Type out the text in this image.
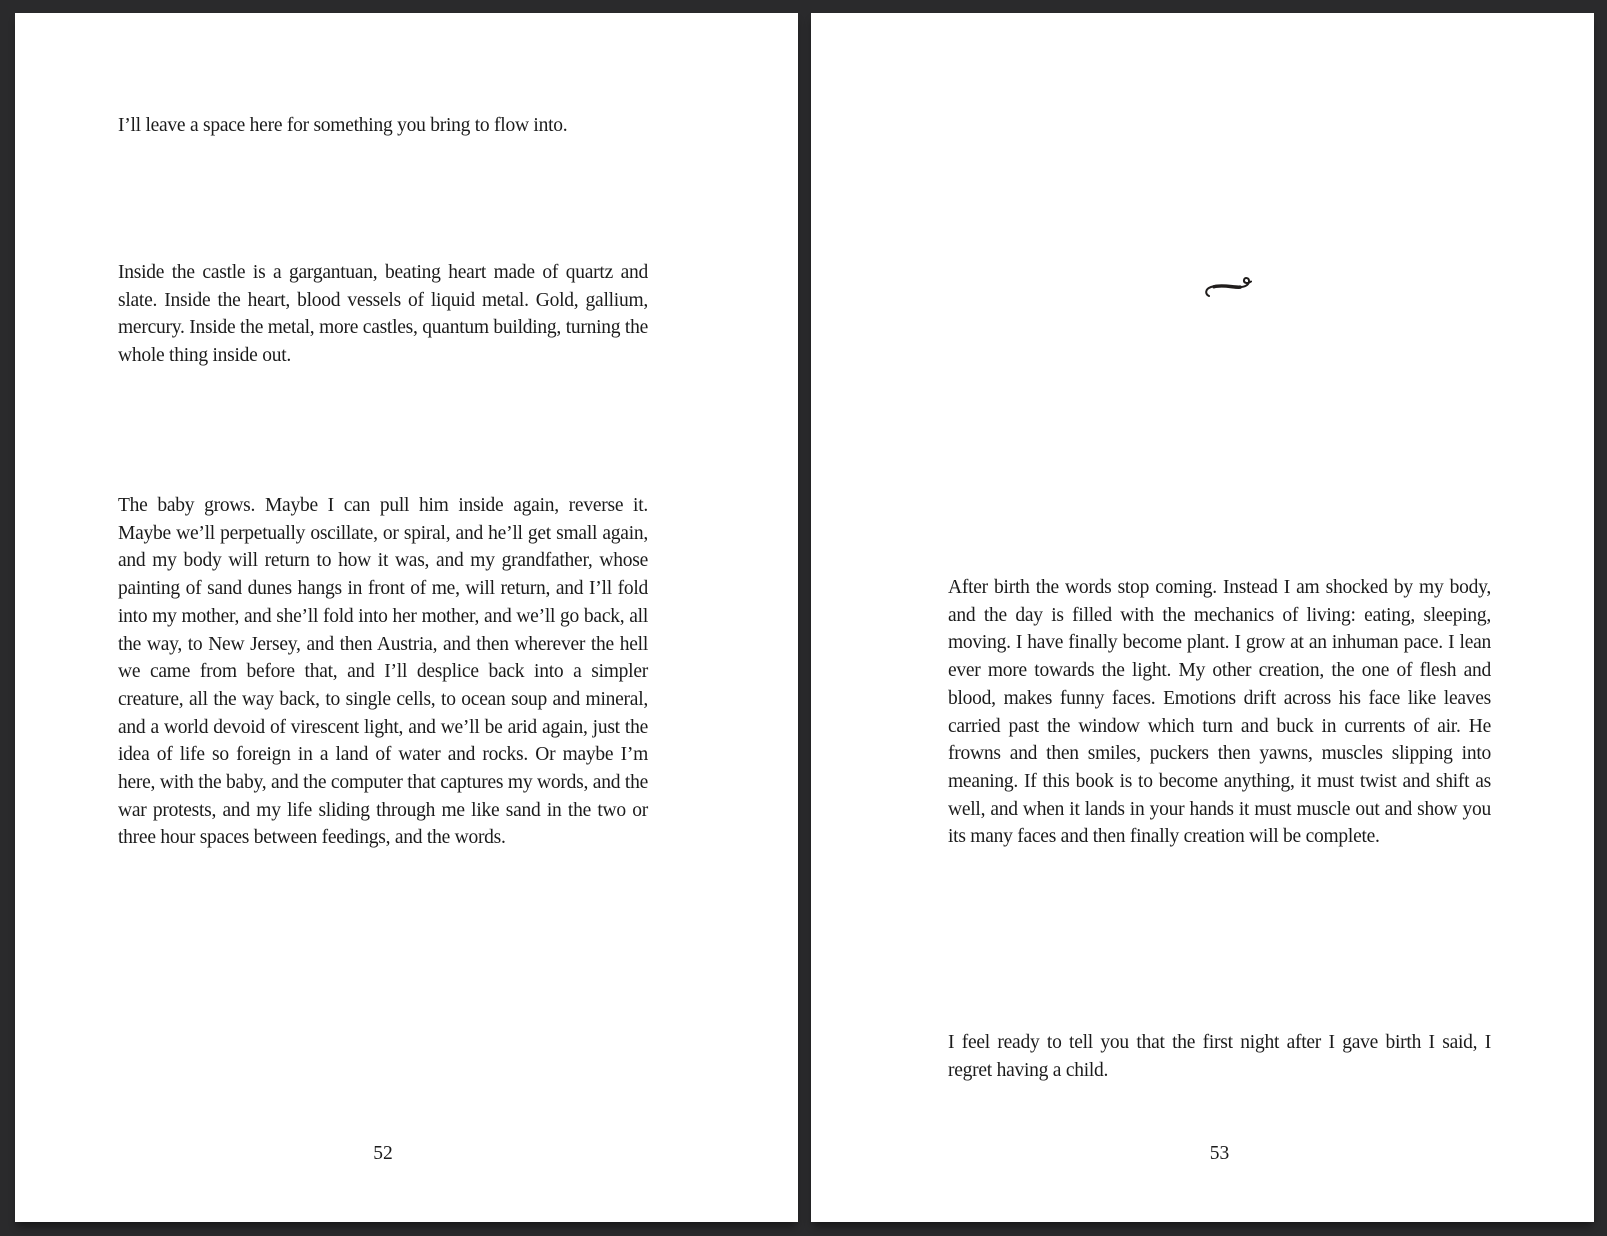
I’ll leave a space here for something you bring to flow into.

Inside the castle is a gargantuan, beating heart made of quartz and slate. Inside the heart, blood vessels of liquid metal. Gold, gallium, mercury. Inside the metal, more castles, quantum building, turning the whole thing inside out.

The baby grows. Maybe I can pull him inside again, reverse it. Maybe we’ll perpetually oscillate, or spiral, and he’ll get small again, and my body will return to how it was, and my grandfather, whose painting of sand dunes hangs in front of me, will return, and I’ll fold into my mother, and she’ll fold into her mother, and we’ll go back, all the way, to New Jersey, and then Austria, and then wherever the hell we came from before that, and I’ll desplice back into a simpler creature, all the way back, to single cells, to ocean soup and mineral, and a world devoid of virescent light, and we’ll be arid again, just the idea of life so foreign in a land of water and rocks. Or maybe I’m here, with the baby, and the computer that captures my words, and the war protests, and my life sliding through me like sand in the two or three hour spaces between feedings, and the words.

52

After birth the words stop coming. Instead I am shocked by my body, and the day is filled with the mechanics of living: eating, sleeping, moving. I have finally become plant. I grow at an inhuman pace. I lean ever more towards the light. My other creation, the one of flesh and blood, makes funny faces. Emotions drift across his face like leaves carried past the window which turn and buck in currents of air. He frowns and then smiles, puckers then yawns, muscles slipping into meaning. If this book is to become anything, it must twist and shift as well, and when it lands in your hands it must muscle out and show you its many faces and then finally creation will be complete.

I feel ready to tell you that the first night after I gave birth I said, I regret having a child.

53
